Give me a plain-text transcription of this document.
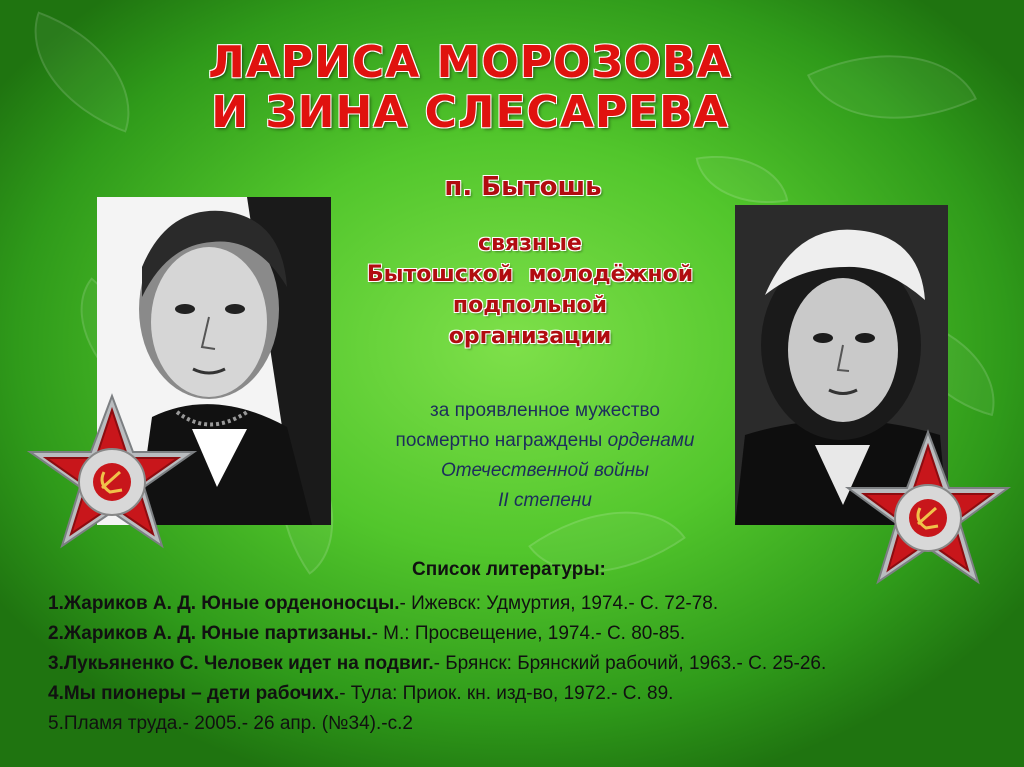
ЛАРИСА МОРОЗОВА
И ЗИНА СЛЕСАРЕВА
п. Бытошь
связные
Бытошской  молодёжной
подпольной
организации
за проявленное мужество
посмертно награждены орденами
Отечественной войны
II степени
Список литературы:
1.Жариков А. Д. Юные орденоносцы.- Ижевск: Удмуртия, 1974.- С. 72-78.
2.Жариков А. Д. Юные партизаны.- М.: Просвещение, 1974.- С. 80-85.
3.Лукьяненко С. Человек идет на подвиг.- Брянск: Брянский рабочий, 1963.- С. 25-26.
4.Мы пионеры – дети рабочих.- Тула: Приок. кн. изд-во, 1972.- С. 89.
5.Пламя труда.- 2005.- 26 апр. (№34).-с.2
